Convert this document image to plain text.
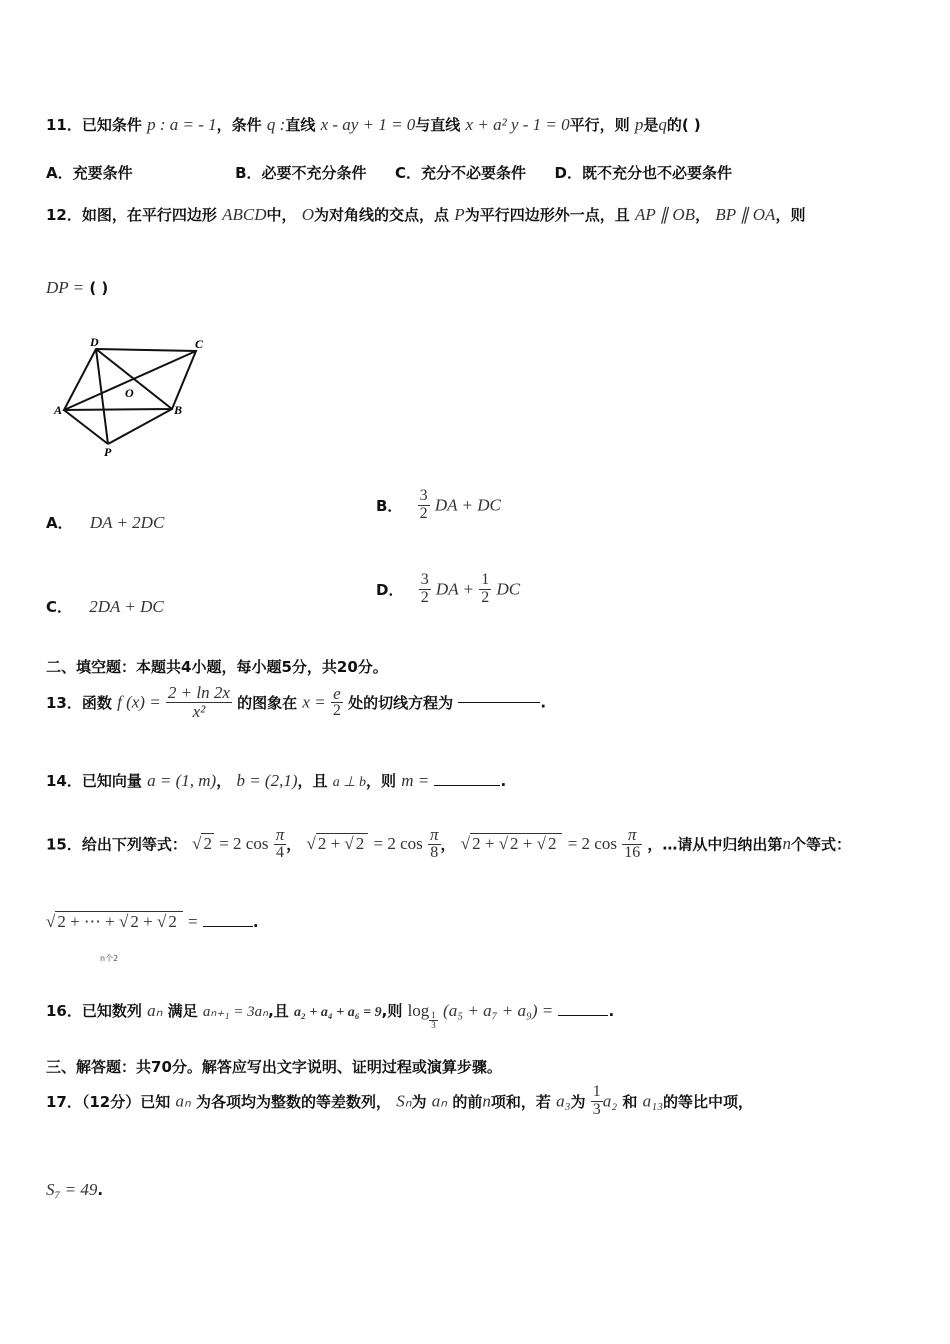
11．已知条件 p : a = - 1，条件 q :直线 x - ay + 1 = 0与直线 x + a² y - 1 = 0平行，则 p是q的( )
A．充要条件	B．必要不充分条件 C．充分不必要条件 D．既不充分也不必要条件
12．如图，在平行四边形 ABCD中， O为对角线的交点，点 P为平行四边形外一点，且 AP ∥ OB， BP ∥ OA，则
DP = ( )
D	C
A
O
B
P
A． DA + 2DC
B． $\frac{3}{2}$ DA + DC
C． 2DA + DC
D． $\frac{3}{2}$ DA + $\frac{1}{2}$ DC
二、填空题：本题共4小题，每小题5分，共20分。
13．函数 f $(x) = \frac{2 + \ln 2x}{\text{x²}}$ 的图象在 $x = \frac{e}{2}$ 处的切线方程为	.
14．已知向量 a = (1, m)， b = (2,1)，且 a ⊥ b，则 m =	.
15．给出下列等式： √ 2 = 2 $\cos \frac{\pi}{4}$ ， √ 2 + √ 2 = 2 $\cos \frac{\pi}{8}$ ， √ 2 + √ 2 + √ 2 = 2 $\cos \frac{\pi}{16}$ ，…请从中归纳出第n个等式：
√ 2 + ⋯ + √ 2 + √ 2 =	.
n个2
16．已知数列 aₙ 满足 aₙ₊₁ = 3aₙ,且 a₂ + a₄ + a₆ = 9,则 log
$\frac{1}{3}$
(a₅ + a₇ + a₉) =	.
三、解答题：共70分。解答应写出文字说明、证明过程或演算步骤。
17．（12分）已知 aₙ 为各项均为整数的等差数列， Sₙ为 aₙ 的前n项和，若 a₃为 $\frac{1}{3} a_2$ 和 a₁₃的等比中项，
S₇ = 49.
